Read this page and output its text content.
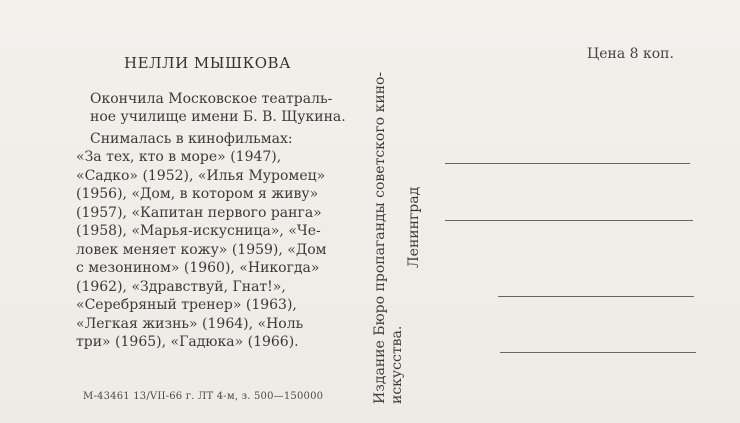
НЕЛЛИ МЫШКОВА
Окончила Московское театраль-
ное училище имени Б. В. Щукина.
Снималась в кинофильмах:
«За тех, кто в море» (1947),
«Садко» (1952), «Илья Муромец»
(1956), «Дом, в котором я живу»
(1957), «Капитан первого ранга»
(1958), «Марья-искусница», «Че-
ловек меняет кожу» (1959), «Дом
с мезонином» (1960), «Никогда»
(1962), «Здравствуй, Гнат!»,
«Серебряный тренер» (1963),
«Легкая жизнь» (1964), «Ноль
три» (1965), «Гадюка» (1966).
М-43461 13/VII-66 г. ЛТ 4-м, з. 500—150000
Цена 8 коп.
Издание Бюро пропаганды советского кино- искусства.
Ленинград
